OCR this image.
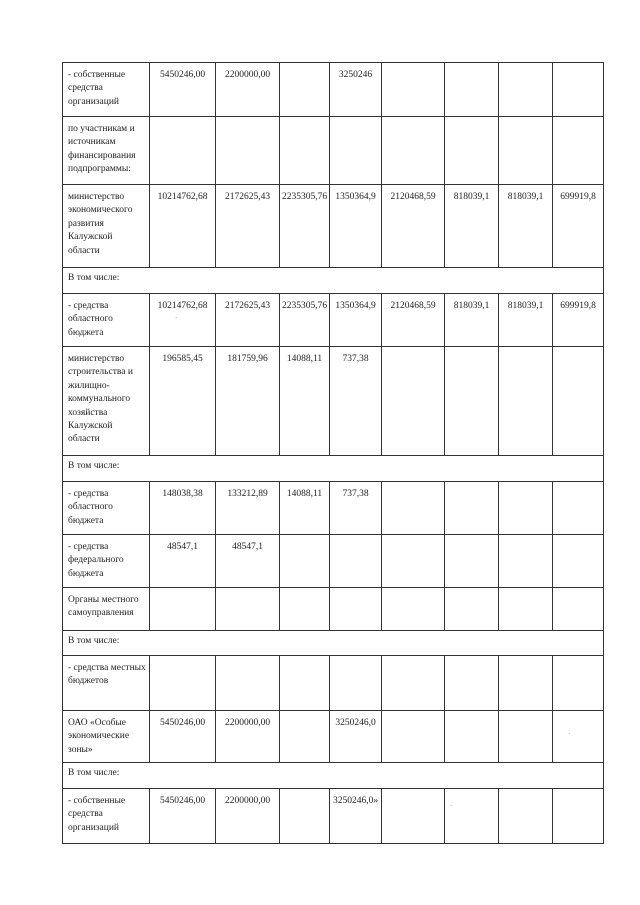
- собственные средства организаций	5450246,00	2200000,00		3250246				
по участникам и источникам финансирования подпрограммы:								
министерство экономического развития Калужской области	10214762,68	2172625,43	2235305,76	1350364,9	2120468,59	818039,1	818039,1	699919,8
В том числе:								
- средства областного бюджета	10214762,68	2172625,43	2235305,76	1350364,9	2120468,59	818039,1	818039,1	699919,8
министерство строительства и жилищно-коммунального хозяйства Калужской области	196585,45	181759,96	14088,11	737,38				
В том числе:								
- средства областного бюджета	148038,38	133212,89	14088,11	737,38				
- средства федерального бюджета	48547,1	48547,1						
Органы местного самоуправления								
В том числе:								
- средства местных бюджетов								
ОАО «Особые экономические зоны»	5450246,00	2200000,00		3250246,0				
В том числе:								
- собственные средства организаций	5450246,00	2200000,00		3250246,0»				
·
·
·
